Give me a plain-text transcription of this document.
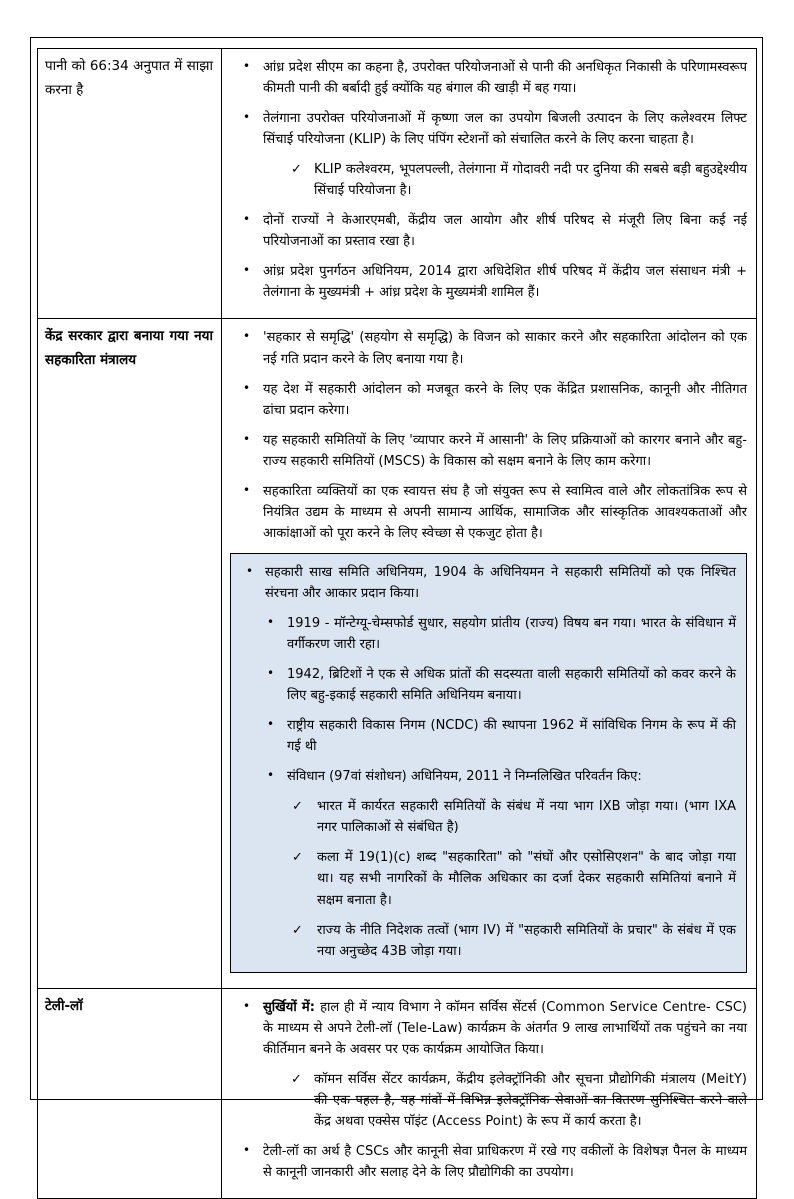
पानी को 66:34 अनुपात में साझा करना है
• आंध्र प्रदेश सीएम का कहना है, उपरोक्त परियोजनाओं से पानी की अनधिकृत निकासी के परिणामस्वरूप कीमती पानी की बर्बादी हुई क्योंकि यह बंगाल की खाड़ी में बह गया।
• तेलंगाना उपरोक्त परियोजनाओं में कृष्णा जल का उपयोग बिजली उत्पादन के लिए कलेश्वरम लिफ्ट सिंचाई परियोजना (KLIP) के लिए पंपिंग स्टेशनों को संचालित करने के लिए करना चाहता है।
✓ KLIP कलेश्वरम, भूपलपल्ली, तेलंगाना में गोदावरी नदी पर दुनिया की सबसे बड़ी बहुउद्देश्यीय सिंचाई परियोजना है।
• दोनों राज्यों ने केआरएमबी, केंद्रीय जल आयोग और शीर्ष परिषद से मंजूरी लिए बिना कई नई परियोजनाओं का प्रस्ताव रखा है।
• आंध्र प्रदेश पुनर्गठन अधिनियम, 2014 द्वारा अधिदेशित शीर्ष परिषद में केंद्रीय जल संसाधन मंत्री + तेलंगाना के मुख्यमंत्री + आंध्र प्रदेश के मुख्यमंत्री शामिल हैं।
केंद्र सरकार द्वारा बनाया गया नया सहकारिता मंत्रालय
• 'सहकार से समृद्धि' (सहयोग से समृद्धि) के विजन को साकार करने और सहकारिता आंदोलन को एक नई गति प्रदान करने के लिए बनाया गया है।
• यह देश में सहकारी आंदोलन को मजबूत करने के लिए एक केंद्रित प्रशासनिक, कानूनी और नीतिगत ढांचा प्रदान करेगा।
• यह सहकारी समितियों के लिए 'व्यापार करने में आसानी' के लिए प्रक्रियाओं को कारगर बनाने और बहु-राज्य सहकारी समितियों (MSCS) के विकास को सक्षम बनाने के लिए काम करेगा।
• सहकारिता व्यक्तियों का एक स्वायत्त संघ है जो संयुक्त रूप से स्वामित्व वाले और लोकतांत्रिक रूप से नियंत्रित उद्यम के माध्यम से अपनी सामान्य आर्थिक, सामाजिक और सांस्कृतिक आवश्यकताओं और आकांक्षाओं को पूरा करने के लिए स्वेच्छा से एकजुट होता है।
• सहकारी साख समिति अधिनियम, 1904 के अधिनियमन ने सहकारी समितियों को एक निश्चित संरचना और आकार प्रदान किया।
• 1919 - मॉन्टेग्यू-चेम्सफोर्ड सुधार, सहयोग प्रांतीय (राज्य) विषय बन गया। भारत के संविधान में वर्गीकरण जारी रहा।
• 1942, ब्रिटिशों ने एक से अधिक प्रांतों की सदस्यता वाली सहकारी समितियों को कवर करने के लिए बहु-इकाई सहकारी समिति अधिनियम बनाया।
• राष्ट्रीय सहकारी विकास निगम (NCDC) की स्थापना 1962 में सांविधिक निगम के रूप में की गई थी
• संविधान (97वां संशोधन) अधिनियम, 2011 ने निम्नलिखित परिवर्तन किए:
✓ भारत में कार्यरत सहकारी समितियों के संबंध में नया भाग IXB जोड़ा गया। (भाग IXA नगर पालिकाओं से संबंधित है)
✓ कला में 19(1)(c) शब्द "सहकारिता" को "संघों और एसोसिएशन" के बाद जोड़ा गया था। यह सभी नागरिकों के मौलिक अधिकार का दर्जा देकर सहकारी समितियां बनाने में सक्षम बनाता है।
✓ राज्य के नीति निदेशक तत्वों (भाग IV) में "सहकारी समितियों के प्रचार" के संबंध में एक नया अनुच्छेद 43B जोड़ा गया।
टेली-लॉ	• सुर्खियों में: हाल ही में न्याय विभाग ने कॉमन सर्विस सेंटर्स (Common Service Centre- CSC) के माध्यम से अपने टेली-लॉ (Tele-Law) कार्यक्रम के अंतर्गत 9 लाख लाभार्थियों तक पहुंचने का नया कीर्तिमान बनने के अवसर पर एक कार्यक्रम आयोजित किया।
✓ कॉमन सर्विस सेंटर कार्यक्रम, केंद्रीय इलेक्ट्रॉनिकी और सूचना प्रौद्योगिकी मंत्रालय (MeitY) की एक पहल है, यह गांवों में विभिन्न इलेक्ट्रॉनिक सेवाओं का वितरण सुनिश्चित करने वाले केंद्र अथवा एक्सेस पॉइंट (Access Point) के रूप में कार्य करता है।
• टेली-लॉ का अर्थ है CSCs और कानूनी सेवा प्राधिकरण में रखे गए वकीलों के विशेषज्ञ पैनल के माध्यम से कानूनी जानकारी और सलाह देने के लिए प्रौद्योगिकी का उपयोग।
